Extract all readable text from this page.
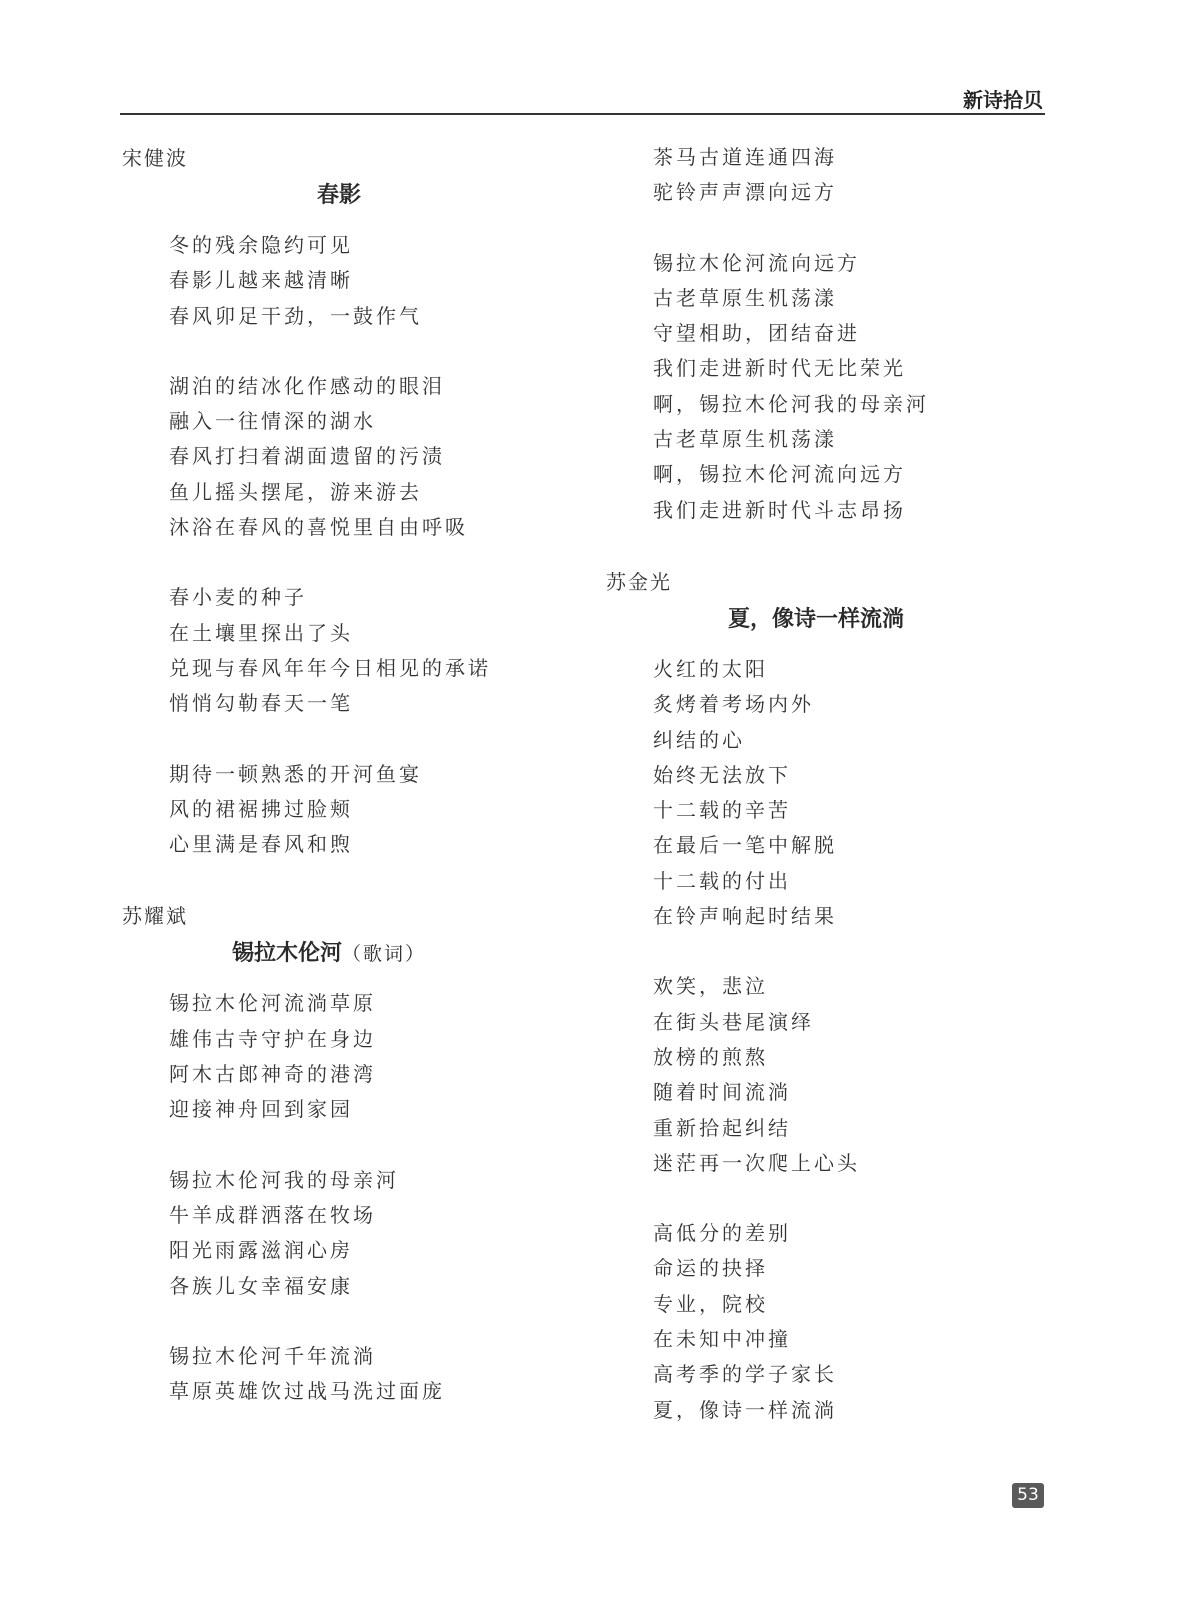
新诗拾贝
宋健波
春影
冬的残余隐约可见
春影儿越来越清晰
春风卯足干劲，一鼓作气
湖泊的结冰化作感动的眼泪
融入一往情深的湖水
春风打扫着湖面遗留的污渍
鱼儿摇头摆尾，游来游去
沐浴在春风的喜悦里自由呼吸
春小麦的种子
在土壤里探出了头
兑现与春风年年今日相见的承诺
悄悄勾勒春天一笔
期待一顿熟悉的开河鱼宴
风的裙裾拂过脸颊
心里满是春风和煦
苏耀斌
锡拉木伦河（歌词）
锡拉木伦河流淌草原
雄伟古寺守护在身边
阿木古郎神奇的港湾
迎接神舟回到家园
锡拉木伦河我的母亲河
牛羊成群洒落在牧场
阳光雨露滋润心房
各族儿女幸福安康
锡拉木伦河千年流淌
草原英雄饮过战马洗过面庞
茶马古道连通四海
驼铃声声漂向远方
锡拉木伦河流向远方
古老草原生机荡漾
守望相助，团结奋进
我们走进新时代无比荣光
啊，锡拉木伦河我的母亲河
古老草原生机荡漾
啊，锡拉木伦河流向远方
我们走进新时代斗志昂扬
苏金光
夏，像诗一样流淌
火红的太阳
炙烤着考场内外
纠结的心
始终无法放下
十二载的辛苦
在最后一笔中解脱
十二载的付出
在铃声响起时结果
欢笑，悲泣
在街头巷尾演绎
放榜的煎熬
随着时间流淌
重新拾起纠结
迷茫再一次爬上心头
高低分的差别
命运的抉择
专业，院校
在未知中冲撞
高考季的学子家长
夏，像诗一样流淌
53
